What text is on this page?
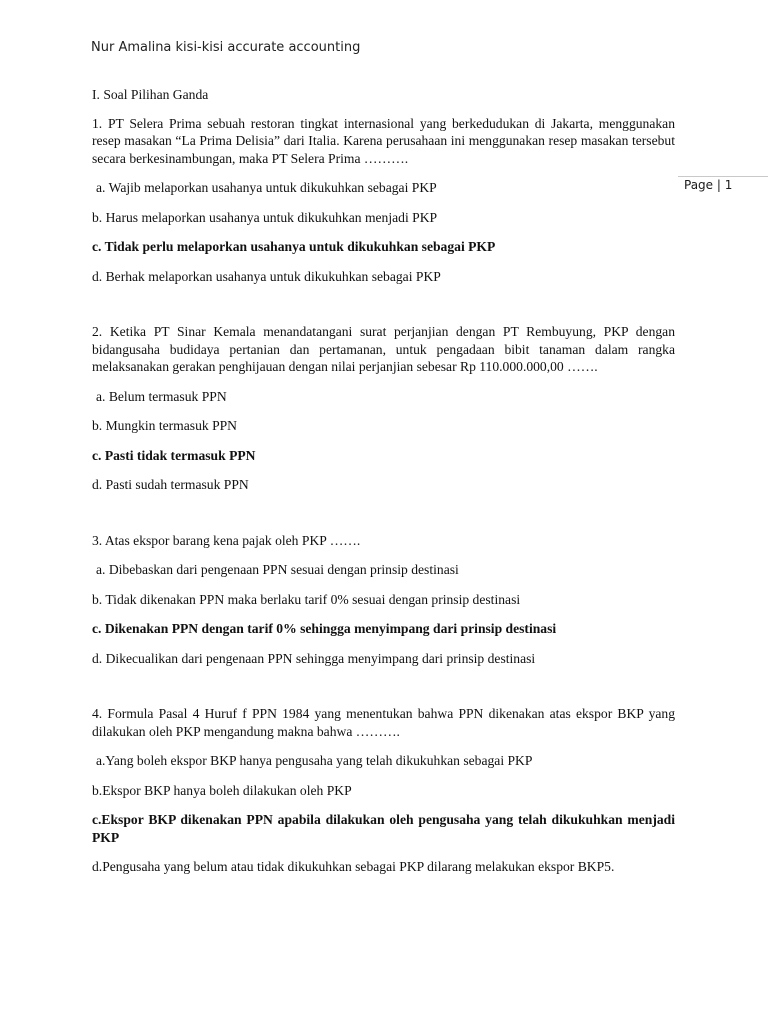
Nur Amalina kisi-kisi accurate accounting
Page | 1

I. Soal Pilihan Ganda

1. PT Selera Prima sebuah restoran tingkat internasional yang berkedudukan di Jakarta, menggunakan resep masakan “La Prima Delisia” dari Italia. Karena perusahaan ini menggunakan resep masakan tersebut secara berkesinambungan, maka PT Selera Prima ……….

a. Wajib melaporkan usahanya untuk dikukuhkan sebagai PKP

b. Harus melaporkan usahanya untuk dikukuhkan menjadi PKP

c. Tidak perlu melaporkan usahanya untuk dikukuhkan sebagai PKP

d. Berhak melaporkan usahanya untuk dikukuhkan sebagai PKP

2. Ketika PT Sinar Kemala menandatangani surat perjanjian dengan PT Rembuyung, PKP dengan bidangusaha budidaya pertanian dan pertamanan, untuk pengadaan bibit tanaman dalam rangka melaksanakan gerakan penghijauan dengan nilai perjanjian sebesar Rp 110.000.000,00 …….

a. Belum termasuk PPN

b. Mungkin termasuk PPN

c. Pasti tidak termasuk PPN

d. Pasti sudah termasuk PPN

3. Atas ekspor barang kena pajak oleh PKP …….

a. Dibebaskan dari pengenaan PPN sesuai dengan prinsip destinasi

b. Tidak dikenakan PPN maka berlaku tarif 0% sesuai dengan prinsip destinasi

c. Dikenakan PPN dengan tarif 0% sehingga menyimpang dari prinsip destinasi

d. Dikecualikan dari pengenaan PPN sehingga menyimpang dari prinsip destinasi

4. Formula Pasal 4 Huruf f PPN 1984 yang menentukan bahwa PPN dikenakan atas ekspor BKP yang dilakukan oleh PKP mengandung makna bahwa ……….

a.Yang boleh ekspor BKP hanya pengusaha yang telah dikukuhkan sebagai PKP

b.Ekspor BKP hanya boleh dilakukan oleh PKP

c.Ekspor BKP dikenakan PPN apabila dilakukan oleh pengusaha yang telah dikukuhkan menjadi PKP

d.Pengusaha yang belum atau tidak dikukuhkan sebagai PKP dilarang melakukan ekspor BKP5.
